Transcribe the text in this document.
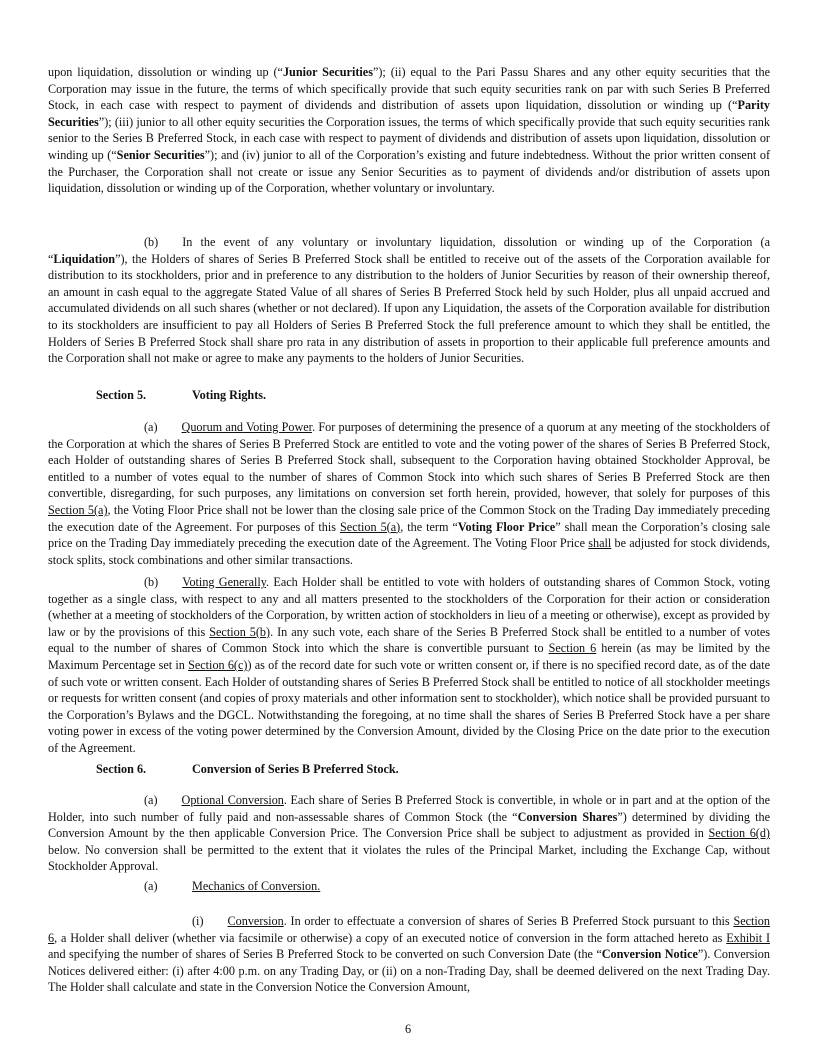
upon liquidation, dissolution or winding up (“Junior Securities”); (ii) equal to the Pari Passu Shares and any other equity securities that the Corporation may issue in the future, the terms of which specifically provide that such equity securities rank on par with such Series B Preferred Stock, in each case with respect to payment of dividends and distribution of assets upon liquidation, dissolution or winding up (“Parity Securities”); (iii) junior to all other equity securities the Corporation issues, the terms of which specifically provide that such equity securities rank senior to the Series B Preferred Stock, in each case with respect to payment of dividends and distribution of assets upon liquidation, dissolution or winding up (“Senior Securities”); and (iv) junior to all of the Corporation’s existing and future indebtedness. Without the prior written consent of the Purchaser, the Corporation shall not create or issue any Senior Securities as to payment of dividends and/or distribution of assets upon liquidation, dissolution or winding up of the Corporation, whether voluntary or involuntary.

(b) In the event of any voluntary or involuntary liquidation, dissolution or winding up of the Corporation (a “Liquidation”), the Holders of shares of Series B Preferred Stock shall be entitled to receive out of the assets of the Corporation available for distribution to its stockholders, prior and in preference to any distribution to the holders of Junior Securities by reason of their ownership thereof, an amount in cash equal to the aggregate Stated Value of all shares of Series B Preferred Stock held by such Holder, plus all unpaid accrued and accumulated dividends on all such shares (whether or not declared). If upon any Liquidation, the assets of the Corporation available for distribution to its stockholders are insufficient to pay all Holders of Series B Preferred Stock the full preference amount to which they shall be entitled, the Holders of Series B Preferred Stock shall share pro rata in any distribution of assets in proportion to their applicable full preference amounts and the Corporation shall not make or agree to make any payments to the holders of Junior Securities.

Section 5.	Voting Rights.

(a) Quorum and Voting Power. For purposes of determining the presence of a quorum at any meeting of the stockholders of the Corporation at which the shares of Series B Preferred Stock are entitled to vote and the voting power of the shares of Series B Preferred Stock, each Holder of outstanding shares of Series B Preferred Stock shall, subsequent to the Corporation having obtained Stockholder Approval, be entitled to a number of votes equal to the number of shares of Common Stock into which such shares of Series B Preferred Stock are then convertible, disregarding, for such purposes, any limitations on conversion set forth herein, provided, however, that solely for purposes of this Section 5(a), the Voting Floor Price shall not be lower than the closing sale price of the Common Stock on the Trading Day immediately preceding the execution date of the Agreement. For purposes of this Section 5(a), the term “Voting Floor Price” shall mean the Corporation’s closing sale price on the Trading Day immediately preceding the execution date of the Agreement. The Voting Floor Price shall be adjusted for stock dividends, stock splits, stock combinations and other similar transactions.

(b) Voting Generally. Each Holder shall be entitled to vote with holders of outstanding shares of Common Stock, voting together as a single class, with respect to any and all matters presented to the stockholders of the Corporation for their action or consideration (whether at a meeting of stockholders of the Corporation, by written action of stockholders in lieu of a meeting or otherwise), except as provided by law or by the provisions of this Section 5(b). In any such vote, each share of the Series B Preferred Stock shall be entitled to a number of votes equal to the number of shares of Common Stock into which the share is convertible pursuant to Section 6 herein (as may be limited by the Maximum Percentage set in Section 6(c)) as of the record date for such vote or written consent or, if there is no specified record date, as of the date of such vote or written consent. Each Holder of outstanding shares of Series B Preferred Stock shall be entitled to notice of all stockholder meetings or requests for written consent (and copies of proxy materials and other information sent to stockholder), which notice shall be provided pursuant to the Corporation’s Bylaws and the DGCL. Notwithstanding the foregoing, at no time shall the shares of Series B Preferred Stock have a per share voting power in excess of the voting power determined by the Conversion Amount, divided by the Closing Price on the date prior to the execution of the Agreement.

Section 6.	Conversion of Series B Preferred Stock.

(a) Optional Conversion. Each share of Series B Preferred Stock is convertible, in whole or in part and at the option of the Holder, into such number of fully paid and non-assessable shares of Common Stock (the “Conversion Shares”) determined by dividing the Conversion Amount by the then applicable Conversion Price. The Conversion Price shall be subject to adjustment as provided in Section 6(d) below. No conversion shall be permitted to the extent that it violates the rules of the Principal Market, including the Exchange Cap, without Stockholder Approval.

(a)	Mechanics of Conversion.

(i) Conversion. In order to effectuate a conversion of shares of Series B Preferred Stock pursuant to this Section 6, a Holder shall deliver (whether via facsimile or otherwise) a copy of an executed notice of conversion in the form attached hereto as Exhibit I and specifying the number of shares of Series B Preferred Stock to be converted on such Conversion Date (the “Conversion Notice”). Conversion Notices delivered either: (i) after 4:00 p.m. on any Trading Day, or (ii) on a non-Trading Day, shall be deemed delivered on the next Trading Day. The Holder shall calculate and state in the Conversion Notice the Conversion Amount,

6
